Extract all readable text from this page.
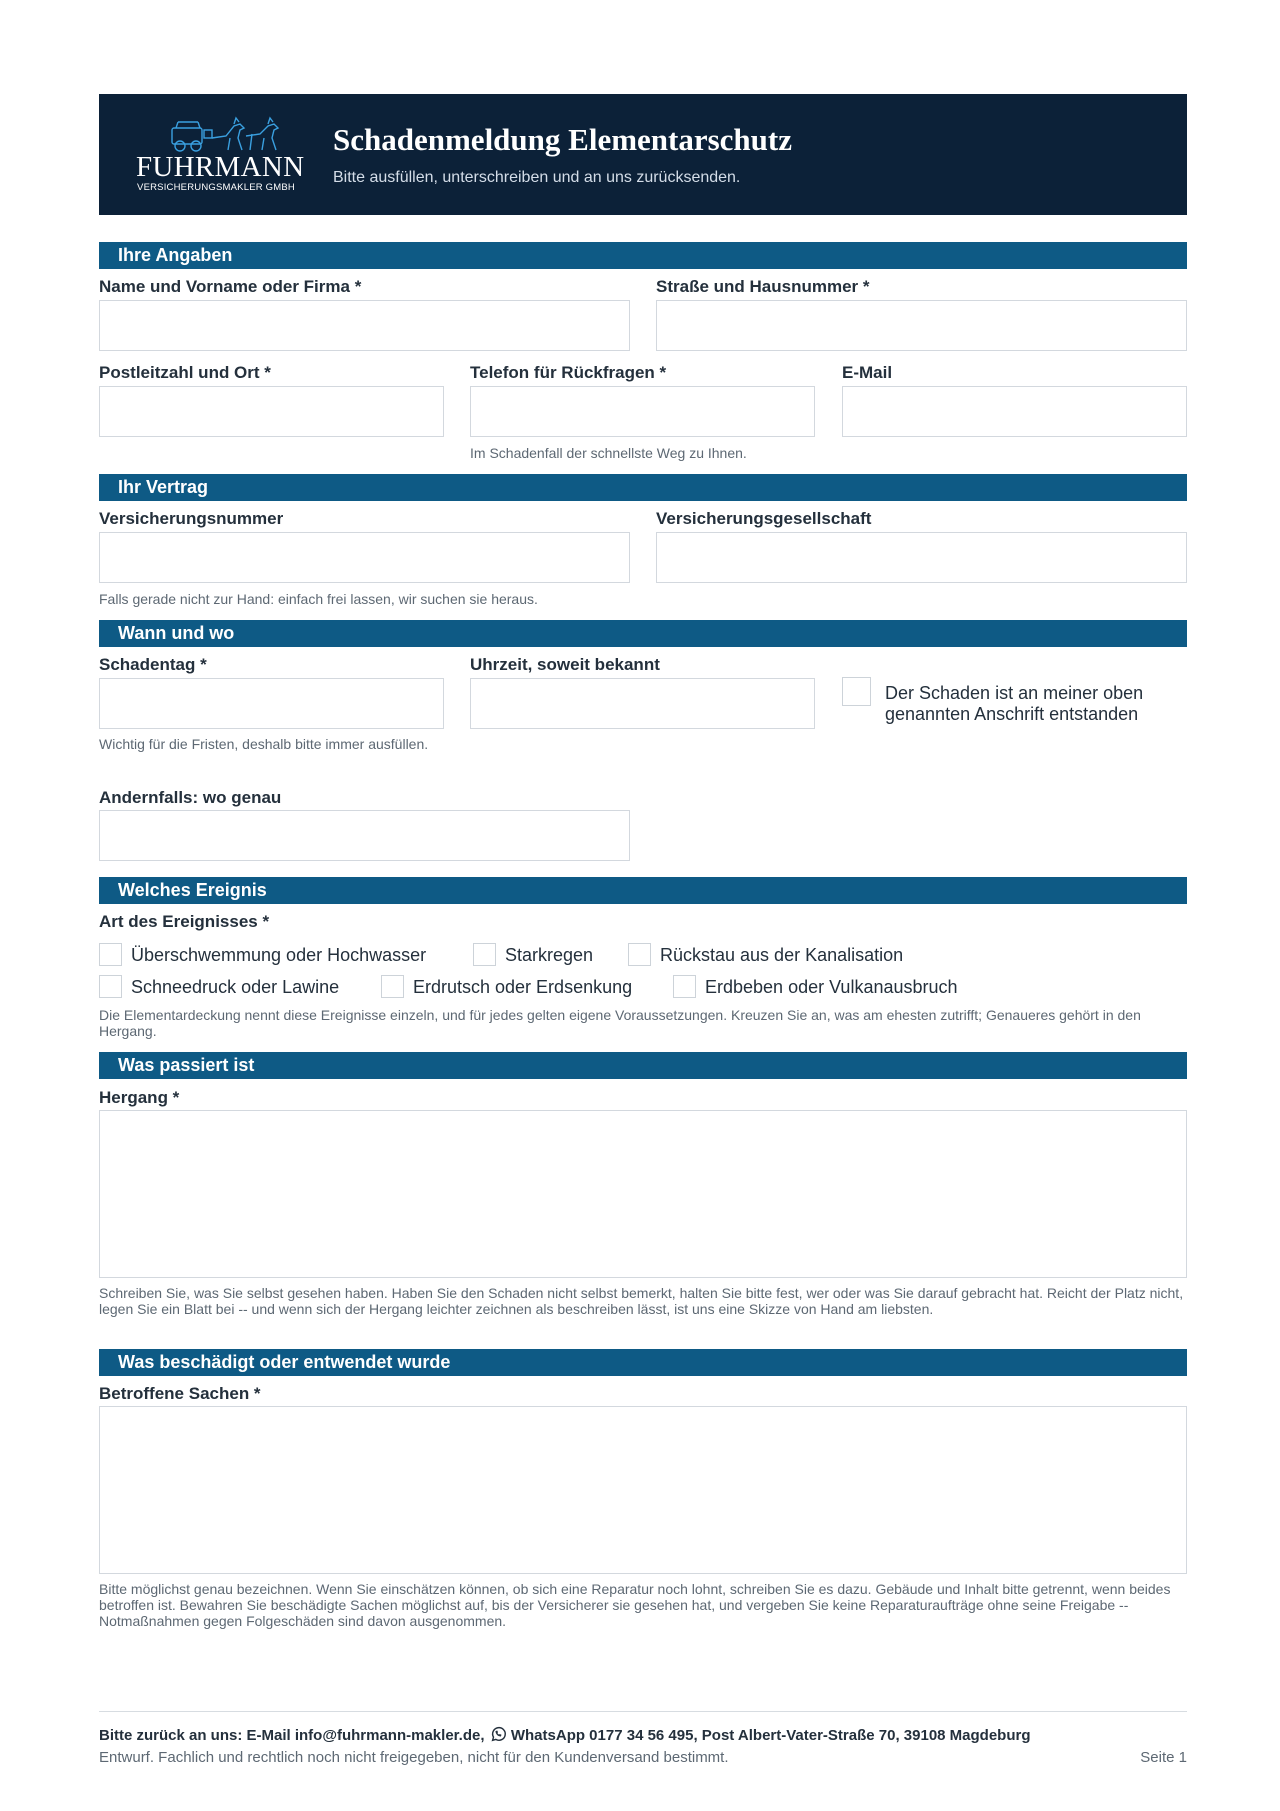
FUHRMANN
VERSICHERUNGSMAKLER GMBH
Schadenmeldung Elementarschutz
Bitte ausfüllen, unterschreiben und an uns zurücksenden.
Ihre Angaben
Name und Vorname oder Firma *	Straße und Hausnummer *
Postleitzahl und Ort *	Telefon für Rückfragen *	E-Mail
Im Schadenfall der schnellste Weg zu Ihnen.
Ihr Vertrag
Versicherungsnummer	Versicherungsgesellschaft
Falls gerade nicht zur Hand: einfach frei lassen, wir suchen sie heraus.
Wann und wo
Schadentag *	Uhrzeit, soweit bekannt
Der Schaden ist an meiner oben genannten Anschrift entstanden
Wichtig für die Fristen, deshalb bitte immer ausfüllen.
Andernfalls: wo genau
Welches Ereignis
Art des Ereignisses *
Überschwemmung oder Hochwasser	Starkregen	Rückstau aus der Kanalisation
Schneedruck oder Lawine	Erdrutsch oder Erdsenkung	Erdbeben oder Vulkanausbruch
Die Elementardeckung nennt diese Ereignisse einzeln, und für jedes gelten eigene Voraussetzungen. Kreuzen Sie an, was am ehesten zutrifft; Genaueres gehört in den Hergang.
Was passiert ist
Hergang *
Schreiben Sie, was Sie selbst gesehen haben. Haben Sie den Schaden nicht selbst bemerkt, halten Sie bitte fest, wer oder was Sie darauf gebracht hat. Reicht der Platz nicht, legen Sie ein Blatt bei -- und wenn sich der Hergang leichter zeichnen als beschreiben lässt, ist uns eine Skizze von Hand am liebsten.
Was beschädigt oder entwendet wurde
Betroffene Sachen *
Bitte möglichst genau bezeichnen. Wenn Sie einschätzen können, ob sich eine Reparatur noch lohnt, schreiben Sie es dazu. Gebäude und Inhalt bitte getrennt, wenn beides betroffen ist. Bewahren Sie beschädigte Sachen möglichst auf, bis der Versicherer sie gesehen hat, und vergeben Sie keine Reparaturaufträge ohne seine Freigabe -- Notmaßnahmen gegen Folgeschäden sind davon ausgenommen.
Bitte zurück an uns: E-Mail info@fuhrmann-makler.de, WhatsApp 0177 34 56 495, Post Albert-Vater-Straße 70, 39108 Magdeburg
Entwurf. Fachlich und rechtlich noch nicht freigegeben, nicht für den Kundenversand bestimmt.	Seite 1
